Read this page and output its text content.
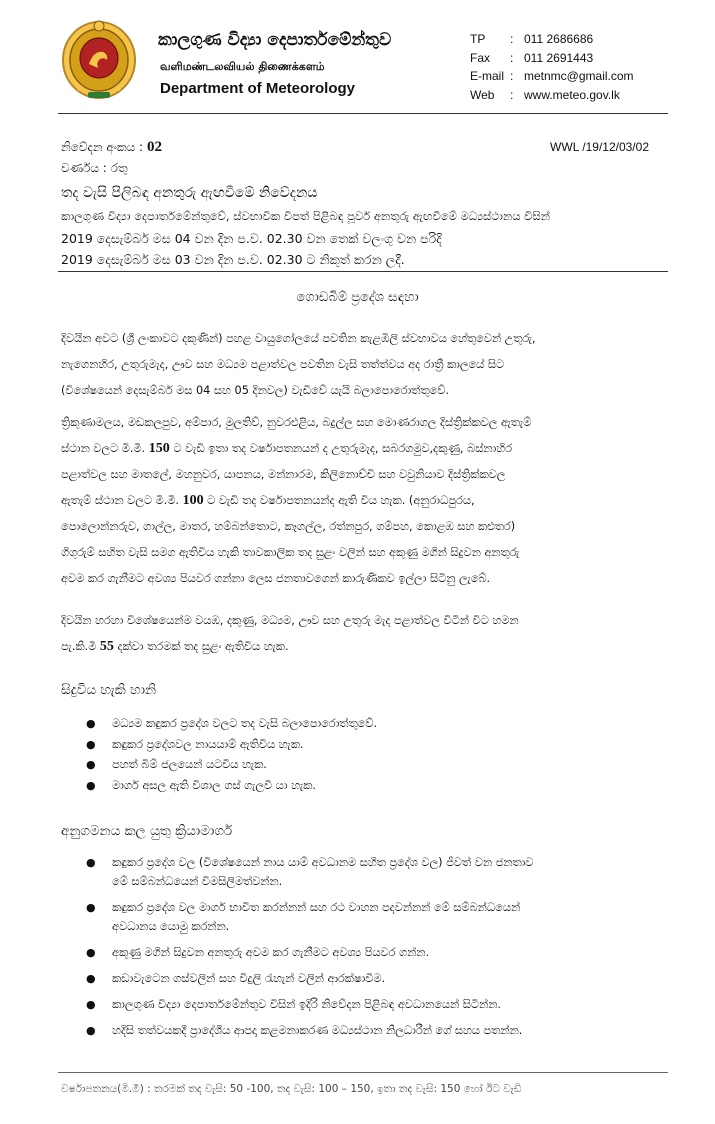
කාලගුණ විද්‍යා දෙපාර්තමේන්තුව
வளிமண்டலவியல் திணைக்களம்
Department of Meteorology
TP	: 011 2686686
Fax	: 011 2691443
E-mail : metnmc@gmail.com
Web	: www.meteo.gov.lk
නිවේදන අංකය : 02
වර්ණය : රතු
WWL /19/12/03/02
තද වැසි පිලිබඳ අනතුරු ඇඟවීමේ නිවේදනය
කාලගුණ විද්‍යා දෙපාර්තමේන්තුවේ, ස්වභාවික විපත් පිළිබඳ පූර්ව අනතුරු ඇඟවීමේ මධ්‍යස්ථානය විසින්
2019 දෙසැම්බර් මස 04 වන දින ප.ව. 02.30 වන තෙක් වලංගු වන පරිදි
2019 දෙසැම්බර් මස 03 වන දින ප.ව. 02.30 ට නිකුත් කරන ලදී.
ගොඩබිම් ප්‍රදේශ සඳහා
දිවයින අවට (ශ්‍රී ලංකාවට දකුණින්) පහළ වායුගෝලයේ පවතින කැළඹිලි ස්වභාවය හේතුවෙන් උතුරු,
නැගෙනහිර, උතුරුමැද, ඌව සහ මධ්‍යම පළාත්වල පවතින වැසි තත්ත්වය අද රාත්‍රී කාලයේ සිට
(විශේෂයෙන් දෙසැම්බර් මස 04 සහ 05 දිනවල) වැඩිවේ යැයි බලාපොරොත්තුවේ.
ත්‍රිකුණාමලය, මඩකලපුව, අම්පාර, මුලතිව්, නුවරඑළිය, බදුල්ල සහ මොණරාගල දිස්ත්‍රික්කවල ඇතැම්
ස්ථාන වලට මි.මී. 150 ට වැඩි ඉතා තද වර්ෂාපතනයන් ද උතුරුමැද, සබරගමුව,දකුණු, බස්නාහිර
පළාත්වල සහ මාතලේ, මහනුවර, යාපනය, මන්නාරම, කිලිනොච්චි සහ වවුනියාව දිස්ත්‍රික්කවල
ඇතැම් ස්ථාන වලට මි.මී. 100 ට වැඩි තද වර්ෂාපතනයන්ද ඇති විය හැක. (අනුරාධපුරය,
පොලොන්නරුව, ගාල්ල, මාතර, හම්බන්තොට, කෑගල්ල, රත්නපුර, ගම්පහ, කොළඹ සහ කළුතර)
ගිගුරුම් සහිත වැසි සමග ඇතිවිය හැකි තාවකාලික තද සුළං වලින් සහ අකුණු මගින් සිදුවන අනතුරු
අවම කර ගැනීමට අවශ්‍ය පියවර ගන්නා ලෙස ජනතාවගෙන් කාරුණිකව ඉල්ලා සිටිනු ලැබේ.
දිවයින හරහා විශේෂයෙන්ම වයඹ, දකුණු, මධ්‍යම, ඌව සහ උතුරු මැද පළාත්වල විටින් විට හමන
පැ.කි.මී 55 දක්වා තරමක් තද සුළං ඇතිවිය හැක.
සිදුවිය හැකි හානි
● මධ්‍යම කඳුකර ප්‍රදේශ වලට තද වැසි බලාපොරොත්තුවේ.
● කඳුකර ප්‍රදේශවල නායයාම් ඇතිවිය හැක.
● පහත් බිම් ජලයෙන් යටවිය හැක.
● මාර්ග අසල ඇති විශාල ගස් ගැලවී යා හැක.
අනුගමනය කල යුතු ක්‍රියාමාර්ග
● කඳුකර ප්‍රදේශ වල (විශේෂයෙන් නාය යාම් අවධානම සහිත ප්‍රදේශ වල) ජීවත් වන ජනතාව
මේ සම්බන්ධයෙන් විමසිලිමත්වන්න.
● කඳුකර ප්‍රදේශ වල මාර්ග භාවිත කරන්නන් සහ රථ වාහන පදවන්නන් මේ සම්බන්ධයෙන්
අවධානය යොමු කරන්න.
● අකුණු මගින් සිදුවන අනතුරු අවම කර ගැනීමට අවශ්‍ය පියවර ගන්න.
● කඩාවැටෙන ගස්වලින් සහ විදුලි රැහැන් වලින් ආරක්ෂාවීම.
● කාලගුණ විද්‍යා දෙපාර්තමේන්තුව විසින් ඉදිරි නිවේදන පිළිබඳ අවධානයෙන් සිටින්න.
● හදිසි තත්වයකදී ප්‍රාදේශීය ආපදා කළමනාකරණ මධ්‍යස්ථාන නිලධාරීන් ගේ සහය පතන්න.
වර්ෂාපතනය(මි.මී) : තරමක් තද වැසි: 50 -100, තද වැසි: 100 – 150, ඉතා තද වැසි: 150 හෝ ඊට වැඩි
